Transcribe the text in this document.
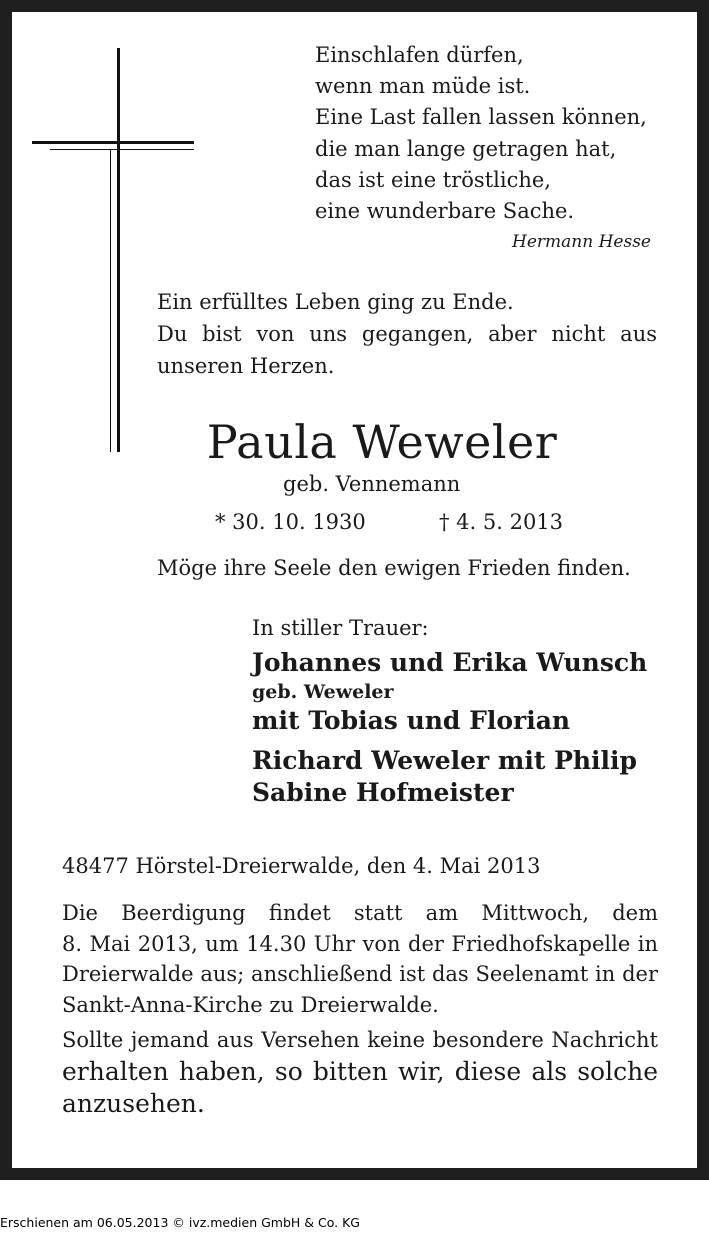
Einschlafen dürfen,
wenn man müde ist.
Eine Last fallen lassen können,
die man lange getragen hat,
das ist eine tröstliche,
eine wunderbare Sache.
Hermann Hesse
Ein erfülltes Leben ging zu Ende.
Du bist von uns gegangen, aber nicht aus
unseren Herzen.
Paula Weweler
geb. Vennemann
* 30. 10. 1930	† 4. 5. 2013
Möge ihre Seele den ewigen Frieden finden.
In stiller Trauer:
Johannes und Erika Wunsch
geb. Weweler
mit Tobias und Florian
Richard Weweler mit Philip
Sabine Hofmeister
48477 Hörstel-Dreierwalde, den 4. Mai 2013
Die Beerdigung findet statt am Mittwoch, dem
8. Mai 2013, um 14.30 Uhr von der Friedhofskapelle in
Dreierwalde aus; anschließend ist das Seelenamt in der
Sankt-Anna-Kirche zu Dreierwalde.
Sollte jemand aus Versehen keine besondere Nachricht
erhalten haben, so bitten wir, diese als solche
anzusehen.
Erschienen am 06.05.2013 © ivz.medien GmbH & Co. KG
